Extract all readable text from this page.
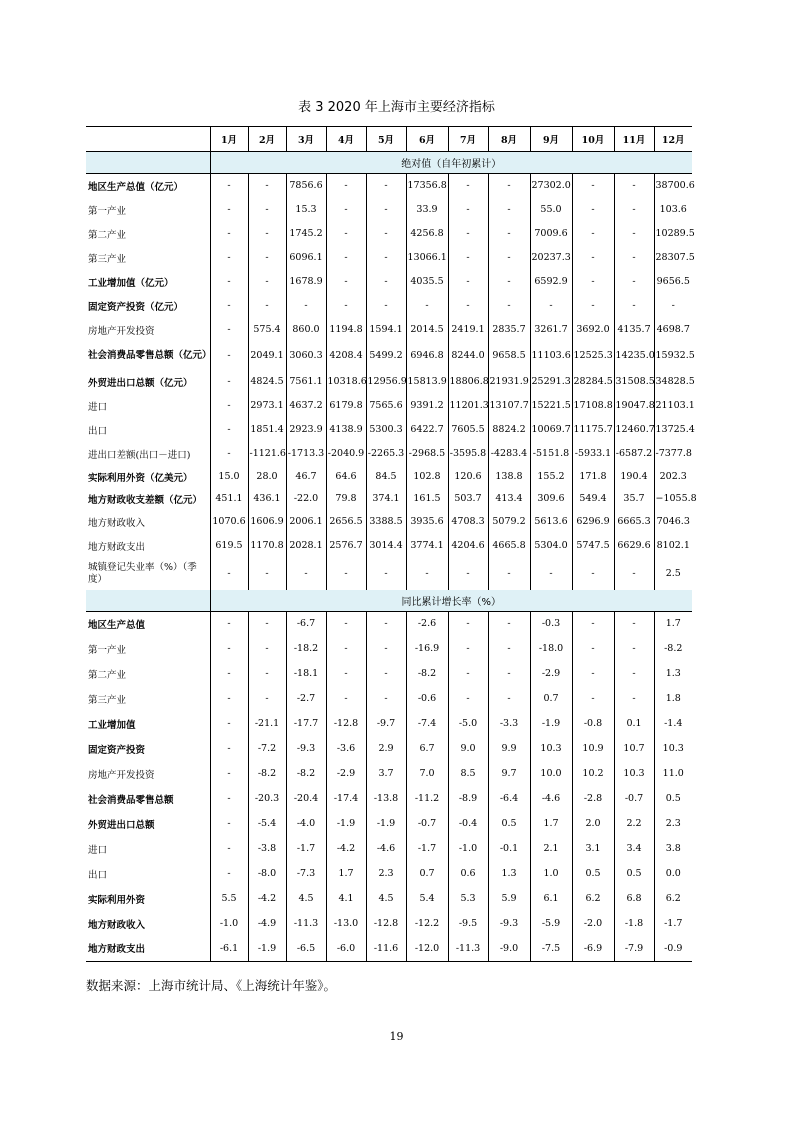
表 3 2020 年上海市主要经济指标
	1月	2月	3月	4月	5月	6月	7月	8月	9月	10月	11月	12月
	绝对值（自年初累计）											
地区生产总值（亿元）	-	-	7856.6	-	-	17356.8	-	-	27302.0	-	-	38700.6
第一产业	-	-	15.3	-	-	33.9	-	-	55.0	-	-	103.6
第二产业	-	-	1745.2	-	-	4256.8	-	-	7009.6	-	-	10289.5
第三产业	-	-	6096.1	-	-	13066.1	-	-	20237.3	-	-	28307.5
工业增加值（亿元）	-	-	1678.9	-	-	4035.5	-	-	6592.9	-	-	9656.5
固定资产投资（亿元）	-	-	-	-	-	-	-	-	-	-	-	-
房地产开发投资	-	575.4	860.0	1194.8	1594.1	2014.5	2419.1	2835.7	3261.7	3692.0	4135.7	4698.7
社会消费品零售总额（亿元）	-	2049.1	3060.3	4208.4	5499.2	6946.8	8244.0	9658.5	11103.6	12525.3	14235.0	15932.5
外贸进出口总额（亿元）	-	4824.5	7561.1	10318.6	12956.9	15813.9	18806.8	21931.9	25291.3	28284.5	31508.5	34828.5
进口	-	2973.1	4637.2	6179.8	7565.6	9391.2	11201.3	13107.7	15221.5	17108.8	19047.8	21103.1
出口	-	1851.4	2923.9	4138.9	5300.3	6422.7	7605.5	8824.2	10069.7	11175.7	12460.7	13725.4
进出口差额(出口－进口)	-	-1121.6	-1713.3	-2040.9	-2265.3	-2968.5	-3595.8	-4283.4	-5151.8	-5933.1	-6587.2	-7377.8
实际利用外资（亿美元）	15.0	28.0	46.7	64.6	84.5	102.8	120.6	138.8	155.2	171.8	190.4	202.3
地方财政收支差额（亿元）	451.1	436.1	-22.0	79.8	374.1	161.5	503.7	413.4	309.6	549.4	35.7	−1055.8
地方财政收入	1070.6	1606.9	2006.1	2656.5	3388.5	3935.6	4708.3	5079.2	5613.6	6296.9	6665.3	7046.3
地方财政支出	619.5	1170.8	2028.1	2576.7	3014.4	3774.1	4204.6	4665.8	5304.0	5747.5	6629.6	8102.1
城镇登记失业率（%）（季度）	-	-	-	-	-	-	-	-	-	-	-	2.5
	同比累计增长率（%）											
地区生产总值	-	-	-6.7	-	-	-2.6	-	-	-0.3	-	-	1.7
第一产业	-	-	-18.2	-	-	-16.9	-	-	-18.0	-	-	-8.2
第二产业	-	-	-18.1	-	-	-8.2	-	-	-2.9	-	-	1.3
第三产业	-	-	-2.7	-	-	-0.6	-	-	0.7	-	-	1.8
工业增加值	-	-21.1	-17.7	-12.8	-9.7	-7.4	-5.0	-3.3	-1.9	-0.8	0.1	-1.4
固定资产投资	-	-7.2	-9.3	-3.6	2.9	6.7	9.0	9.9	10.3	10.9	10.7	10.3
房地产开发投资	-	-8.2	-8.2	-2.9	3.7	7.0	8.5	9.7	10.0	10.2	10.3	11.0
社会消费品零售总额	-	-20.3	-20.4	-17.4	-13.8	-11.2	-8.9	-6.4	-4.6	-2.8	-0.7	0.5
外贸进出口总额	-	-5.4	-4.0	-1.9	-1.9	-0.7	-0.4	0.5	1.7	2.0	2.2	2.3
进口	-	-3.8	-1.7	-4.2	-4.6	-1.7	-1.0	-0.1	2.1	3.1	3.4	3.8
出口	-	-8.0	-7.3	1.7	2.3	0.7	0.6	1.3	1.0	0.5	0.5	0.0
实际利用外资	5.5	-4.2	4.5	4.1	4.5	5.4	5.3	5.9	6.1	6.2	6.8	6.2
地方财政收入	-1.0	-4.9	-11.3	-13.0	-12.8	-12.2	-9.5	-9.3	-5.9	-2.0	-1.8	-1.7
地方财政支出	-6.1	-1.9	-6.5	-6.0	-11.6	-12.0	-11.3	-9.0	-7.5	-6.9	-7.9	-0.9
数据来源：上海市统计局、《上海统计年鉴》。
19
